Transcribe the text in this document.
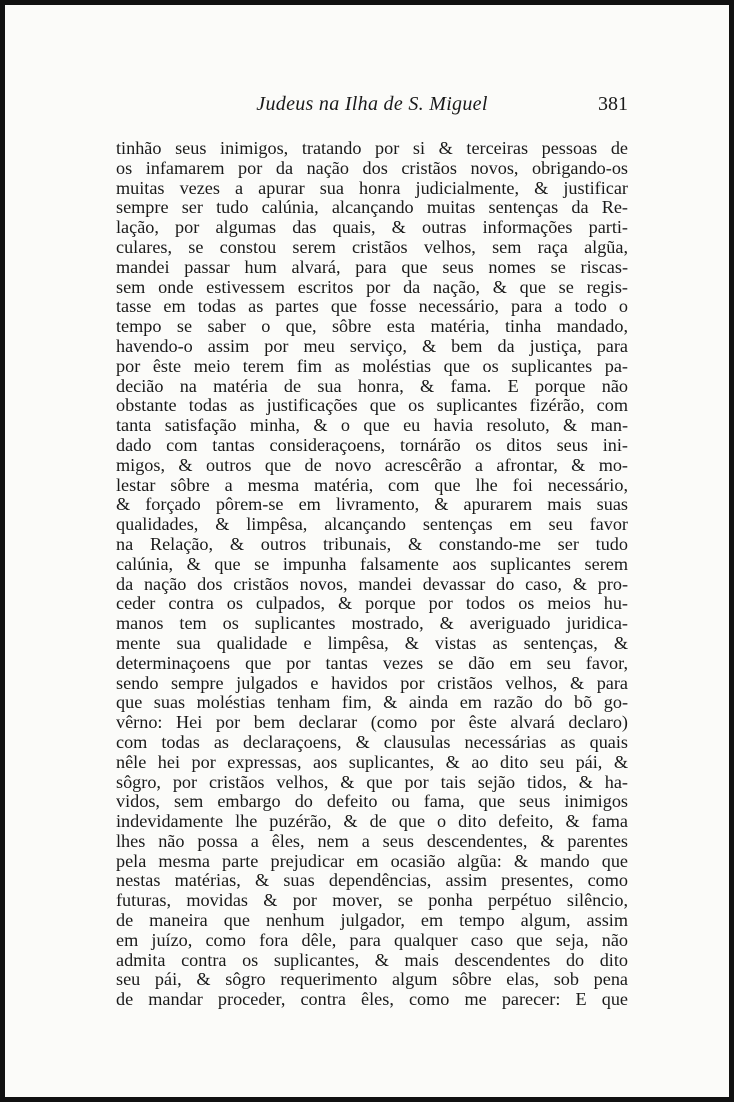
Judeus na Ilha de S. Miguel	381
tinhão seus inimigos, tratando por si & terceiras pessoas de
os infamarem por da nação dos cristãos novos, obrigando-os
muitas vezes a apurar sua honra judicialmente, & justificar
sempre ser tudo calúnia, alcançando muitas sentenças da Re-
lação, por algumas das quais, & outras informações parti-
culares, se constou serem cristãos velhos, sem raça algũa,
mandei passar hum alvará, para que seus nomes se riscas-
sem onde estivessem escritos por da nação, & que se regis-
tasse em todas as partes que fosse necessário, para a todo o
tempo se saber o que, sôbre esta matéria, tinha mandado,
havendo-o assim por meu serviço, & bem da justiça, para
por êste meio terem fim as moléstias que os suplicantes pa-
decião na matéria de sua honra, & fama. E porque não
obstante todas as justificações que os suplicantes fizérão, com
tanta satisfação minha, & o que eu havia resoluto, & man-
dado com tantas consideraçoens, tornárão os ditos seus ini-
migos, & outros que de novo acrescêrão a afrontar, & mo-
lestar sôbre a mesma matéria, com que lhe foi necessário,
& forçado pôrem-se em livramento, & apurarem mais suas
qualidades, & limpêsa, alcançando sentenças em seu favor
na Relação, & outros tribunais, & constando-me ser tudo
calúnia, & que se impunha falsamente aos suplicantes serem
da nação dos cristãos novos, mandei devassar do caso, & pro-
ceder contra os culpados, & porque por todos os meios hu-
manos tem os suplicantes mostrado, & averiguado juridica-
mente sua qualidade e limpêsa, & vistas as sentenças, &
determinaçoens que por tantas vezes se dão em seu favor,
sendo sempre julgados e havidos por cristãos velhos, & para
que suas moléstias tenham fim, & ainda em razão do bõ go-
vêrno: Hei por bem declarar (como por êste alvará declaro)
com todas as declaraçoens, & clausulas necessárias as quais
nêle hei por expressas, aos suplicantes, & ao dito seu pái, &
sôgro, por cristãos velhos, & que por tais sejão tidos, & ha-
vidos, sem embargo do defeito ou fama, que seus inimigos
indevidamente lhe puzérão, & de que o dito defeito, & fama
lhes não possa a êles, nem a seus descendentes, & parentes
pela mesma parte prejudicar em ocasião algũa: & mando que
nestas matérias, & suas dependências, assim presentes, como
futuras, movidas & por mover, se ponha perpétuo silêncio,
de maneira que nenhum julgador, em tempo algum, assim
em juízo, como fora dêle, para qualquer caso que seja, não
admita contra os suplicantes, & mais descendentes do dito
seu pái, & sôgro requerimento algum sôbre elas, sob pena
de mandar proceder, contra êles, como me parecer: E que
